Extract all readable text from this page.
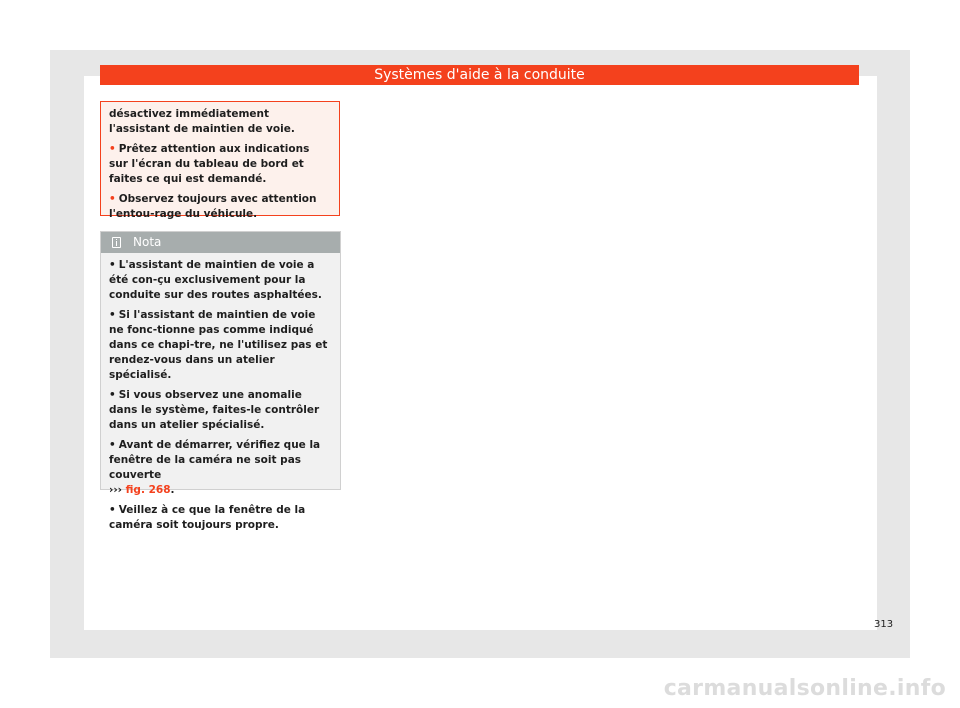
Systèmes d'aide à la conduite

désactivez immédiatement l'assistant de maintien de voie.

• Prêtez attention aux indications sur l'écran du tableau de bord et faites ce qui est demandé.

• Observez toujours avec attention l'entou-rage du véhicule.

Nota

• L'assistant de maintien de voie a été con-çu exclusivement pour la conduite sur des routes asphaltées.

• Si l'assistant de maintien de voie ne fonc-tionne pas comme indiqué dans ce chapi-tre, ne l'utilisez pas et rendez-vous dans un atelier spécialisé.

• Si vous observez une anomalie dans le système, faites-le contrôler dans un atelier spécialisé.

• Avant de démarrer, vérifiez que la fenêtre de la caméra ne soit pas couverte
››› fig. 268.

• Veillez à ce que la fenêtre de la caméra soit toujours propre.

313
carmanualsonline.info
